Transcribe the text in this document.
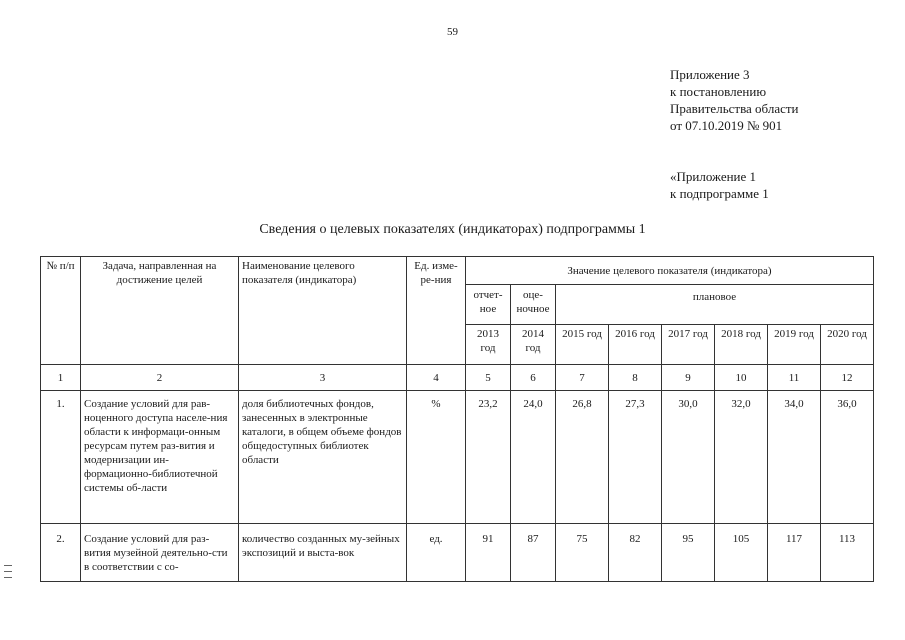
59
Приложение 3
к постановлению
Правительства области
от 07.10.2019 № 901
«Приложение 1
к подпрограмме 1
Сведения о целевых показателях (индикаторах) подпрограммы 1
№ п/п	Задача, направленная на достижение целей	Наименование целевого показателя (индикатора)	Ед. изме-ре-ния	Значение целевого показателя (индикатора)							
				отчет-ное	оце-ночное	плановое					
				2013 год	2014 год	2015 год	2016 год	2017 год	2018 год	2019 год	2020 год
1	2	3	4	5	6	7	8	9	10	11	12
1.	Создание условий для рав-ноценного доступа населе-ния области к информаци-онным ресурсам путем раз-вития и модернизации ин-формационно-библиотечной системы об-ласти	доля библиотечных фондов, занесенных в электронные каталоги, в общем объеме фондов общедоступных библиотек области	%	23,2	24,0	26,8	27,3	30,0	32,0	34,0	36,0
2.	Создание условий для раз-вития музейной деятельно-сти в соответствии с со-	количество созданных му-зейных экспозиций и выста-вок	ед.	91	87	75	82	95	105	117	113
